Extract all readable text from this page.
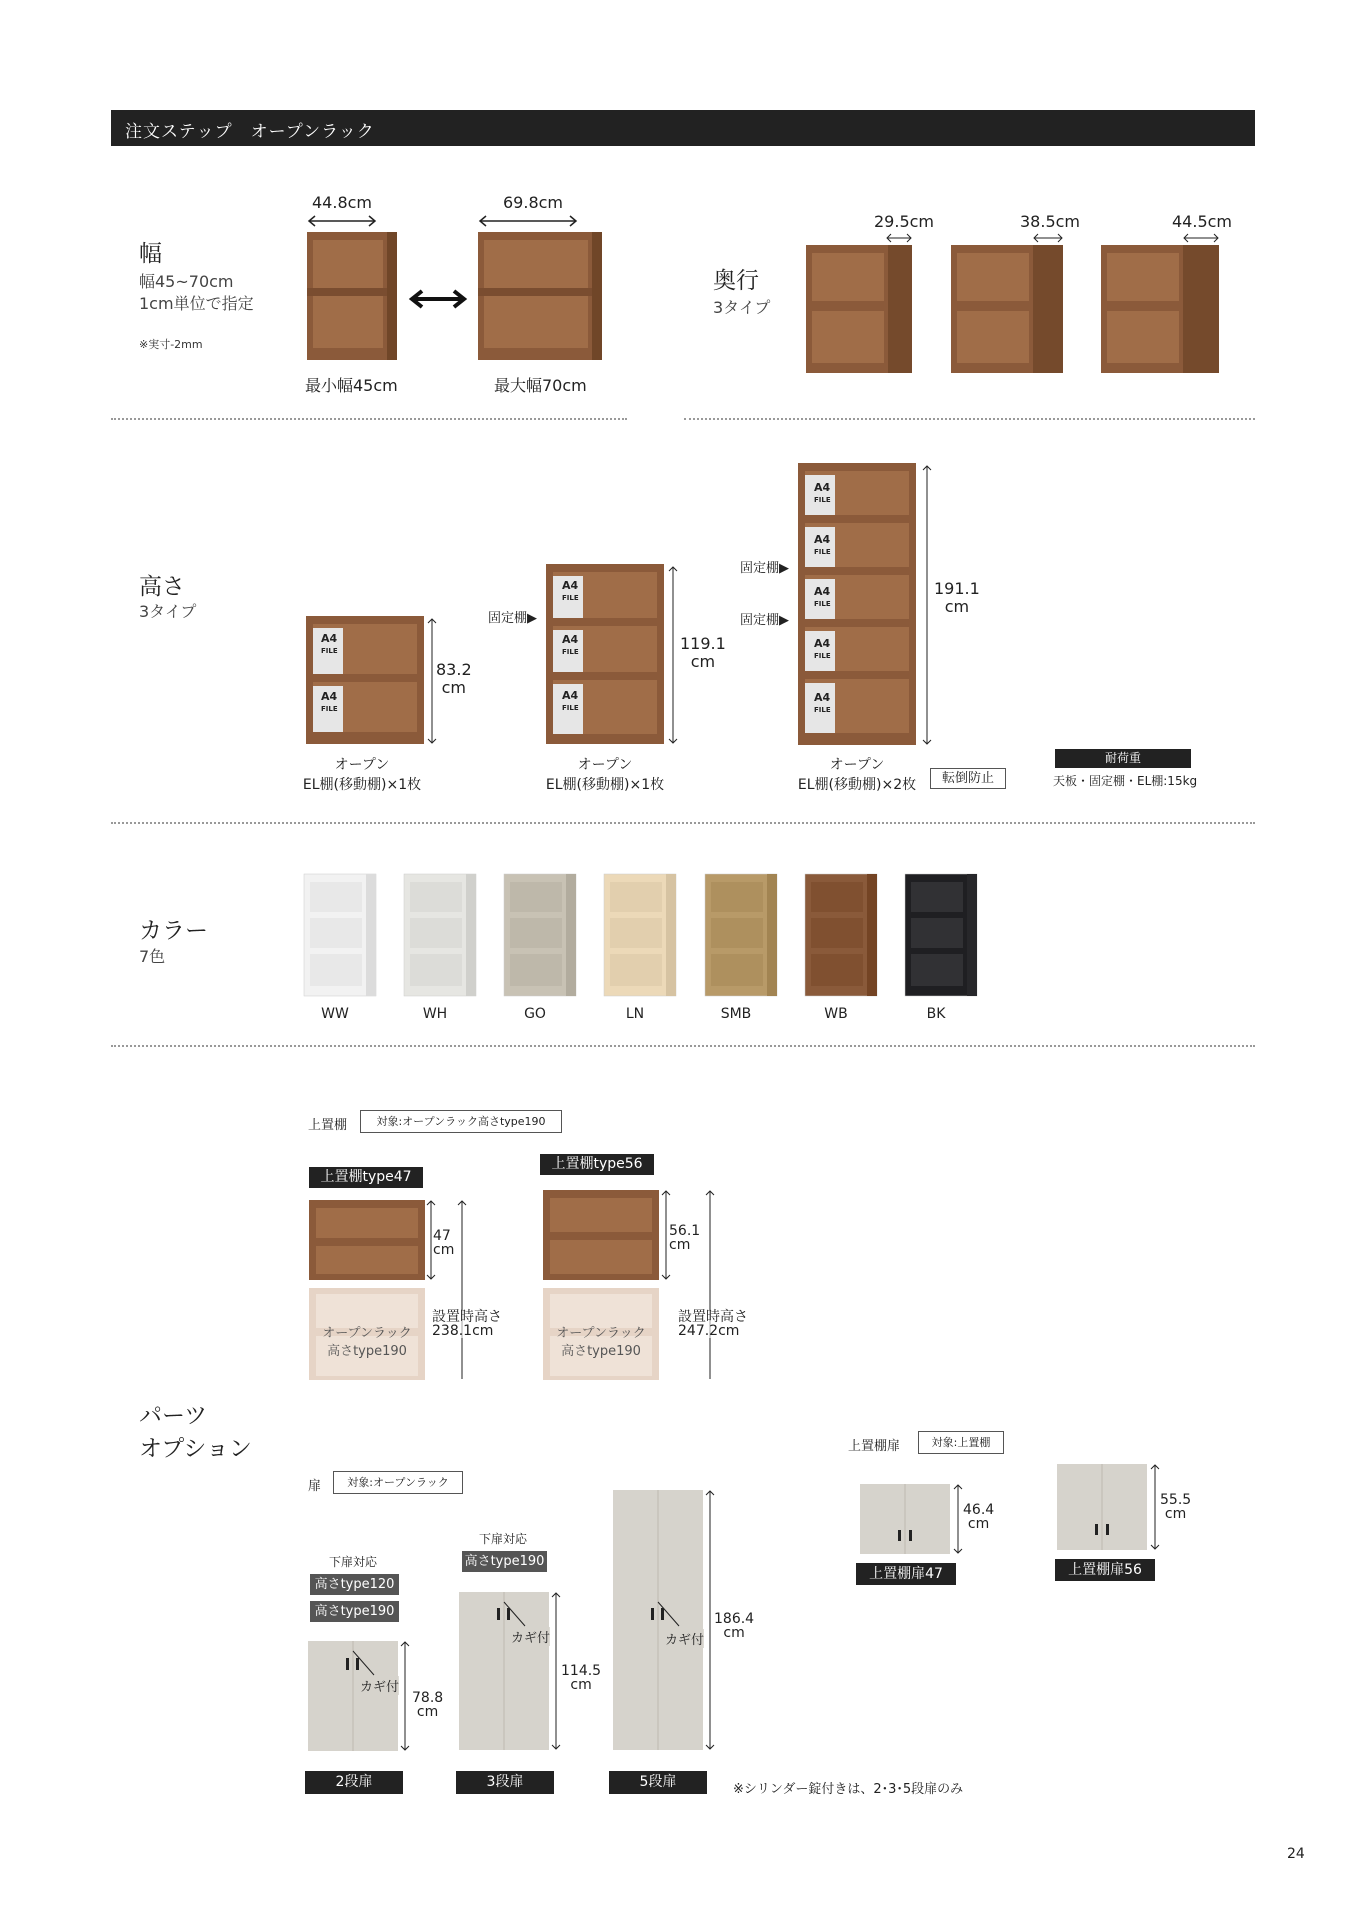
注文ステップ　オープンラック
幅
幅45~70cm
1cm単位で指定
※実寸-2mm
44.8cm	69.8cm
最小幅45cm	最大幅70cm
奥行
3タイプ
29.5cm	38.5cm	44.5cm
高さ
3タイプ
A4
FILE
A4
FILE
83.2
cm
オープン
EL棚(移動棚)×1枚
A4
FILE
A4
FILE
A4
FILE
固定棚▶
119.1
cm
オープン
EL棚(移動棚)×1枚
A4
FILE
A4
FILE
A4
FILE
A4
FILE
A4
FILE
固定棚▶
固定棚▶
191.1
cm
オープン
EL棚(移動棚)×2枚	転倒防止
耐荷重
天板・固定棚・EL棚:15kg
カラー
7色
WW	WH	GO	LN	SMB	WB	BK
パーツ
オプション
上置棚	対象:オープンラック高さtype190
上置棚type47
上置棚type56
オープンラック
高さtype190
47
cm
設置時高さ
238.1cm	オープンラック
高さtype190
56.1
cm
設置時高さ
247.2cm
上置棚扉	対象:上置棚
46.4
cm
上置棚扉47
55.5
cm
上置棚扉56
扉	対象:オープンラック
下扉対応
高さtype120
高さtype190
下扉対応
高さtype190
カギ付
78.8
cm
2段扉
カギ付
114.5
cm
3段扉
カギ付
186.4
cm
5段扉	※シリンダー錠付きは、2･3･5段扉のみ
24
